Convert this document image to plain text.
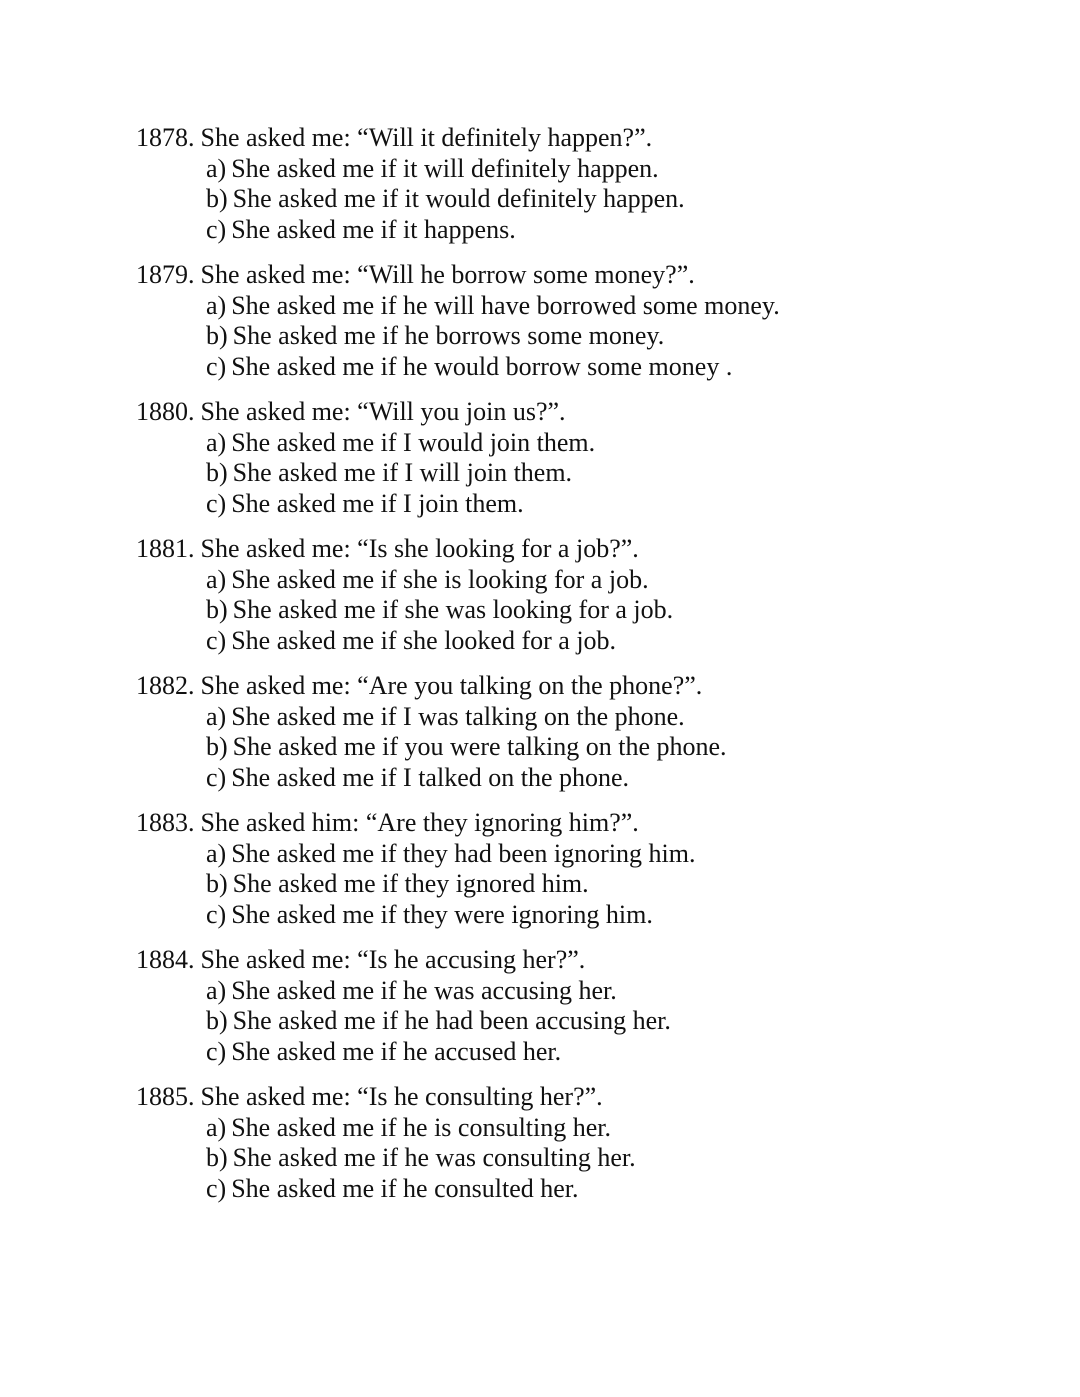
1878. She asked me: “Will it definitely happen?”.
a) She asked me if it will definitely happen.
b) She asked me if it would definitely happen.
c) She asked me if it happens.
1879. She asked me: “Will he borrow some money?”.
a) She asked me if he will have borrowed some money.
b) She asked me if he borrows some money.
c) She asked me if he would borrow some money .
1880. She asked me: “Will you join us?”.
a) She asked me if I would join them.
b) She asked me if I will join them.
c) She asked me if I join them.
1881. She asked me: “Is she looking for a job?”.
a) She asked me if she is looking for a job.
b) She asked me if she was looking for a job.
c) She asked me if she looked for a job.
1882. She asked me: “Are you talking on the phone?”.
a) She asked me if I was talking on the phone.
b) She asked me if you were talking on the phone.
c) She asked me if I talked on the phone.
1883. She asked him: “Are they ignoring him?”.
a) She asked me if they had been ignoring him.
b) She asked me if they ignored him.
c) She asked me if they were ignoring him.
1884. She asked me: “Is he accusing her?”.
a) She asked me if he was accusing her.
b) She asked me if he had been accusing her.
c) She asked me if he accused her.
1885. She asked me: “Is he consulting her?”.
a) She asked me if he is consulting her.
b) She asked me if he was consulting her.
c) She asked me if he consulted her.
